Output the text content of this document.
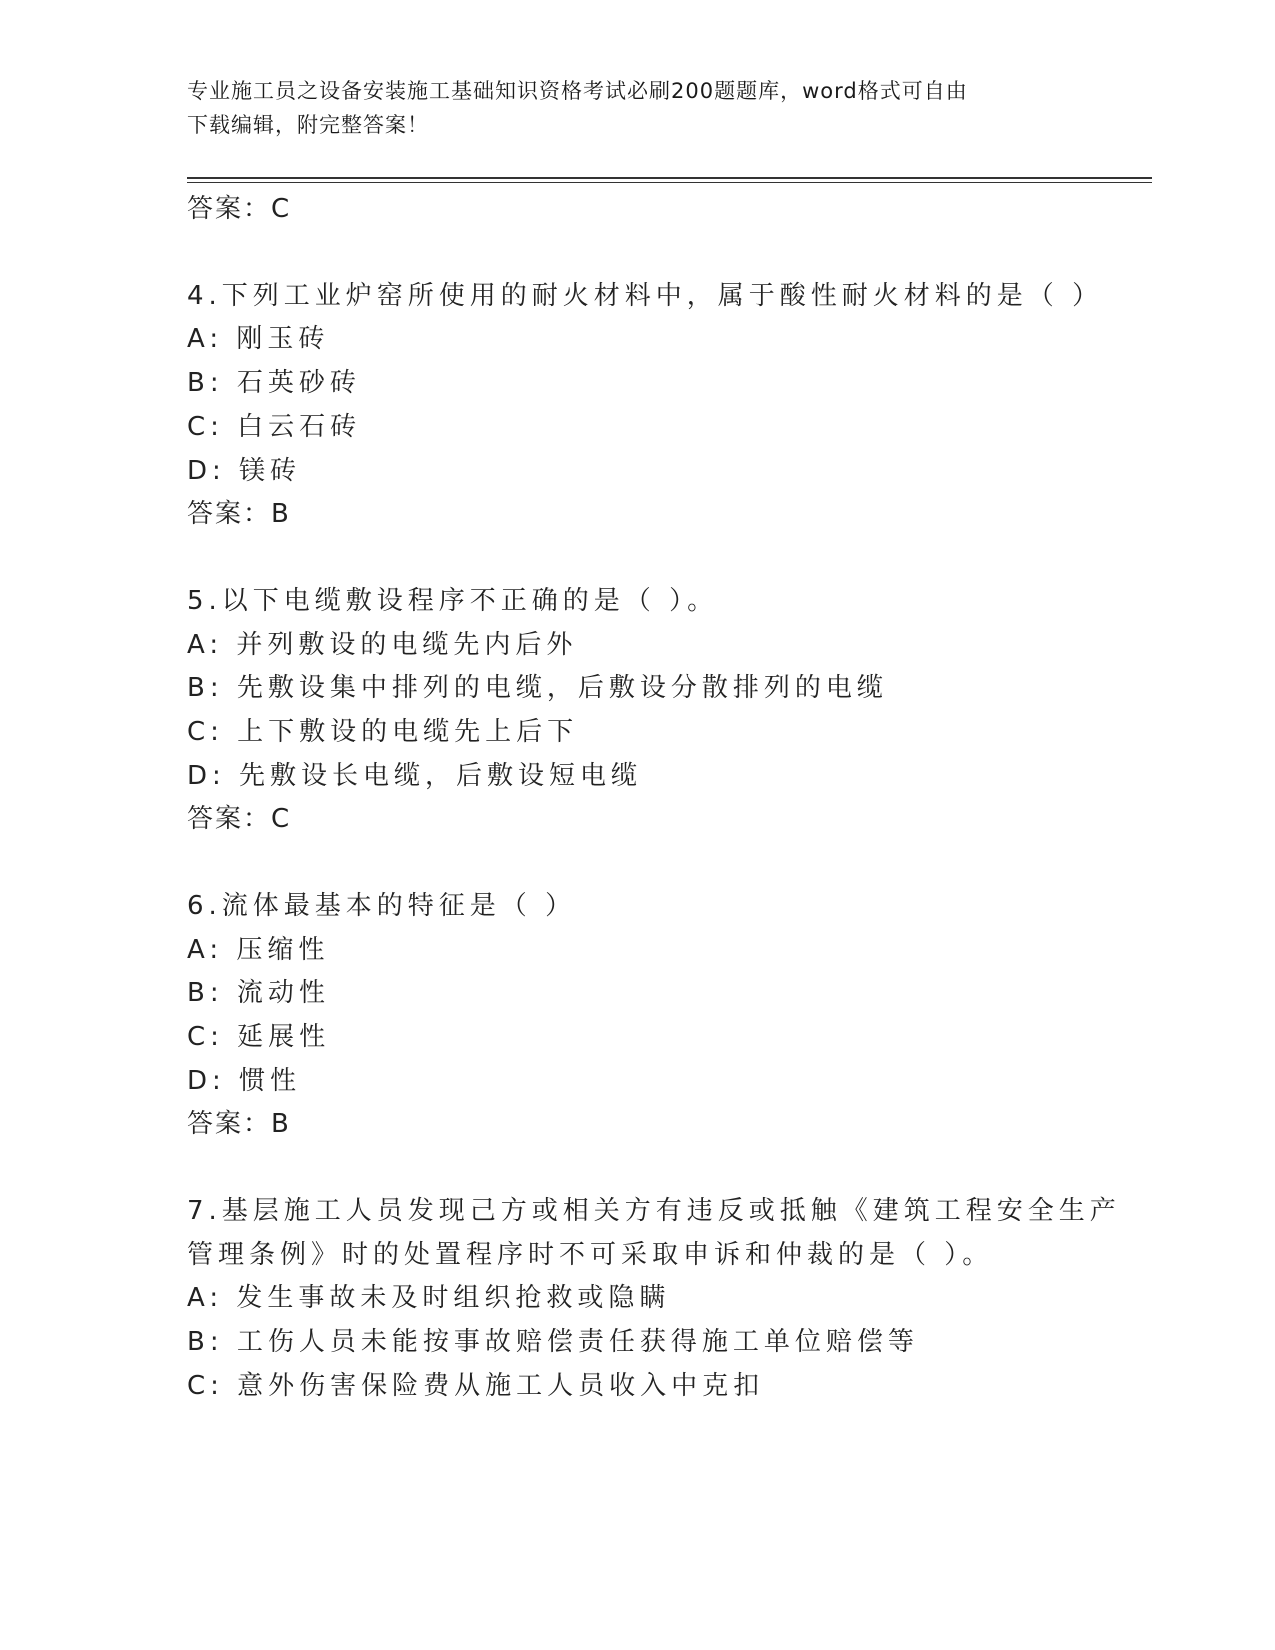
专业施工员之设备安装施工基础知识资格考试必刷200题题库，word格式可自由
下载编辑，附完整答案！
答案：C
4.下列工业炉窑所使用的耐火材料中，属于酸性耐火材料的是（ ）
A: 刚玉砖
B: 石英砂砖
C: 白云石砖
D: 镁砖
答案：B
5.以下电缆敷设程序不正确的是（ ）。
A: 并列敷设的电缆先内后外
B: 先敷设集中排列的电缆，后敷设分散排列的电缆
C: 上下敷设的电缆先上后下
D: 先敷设长电缆，后敷设短电缆
答案：C
6.流体最基本的特征是（ ）
A: 压缩性
B: 流动性
C: 延展性
D: 惯性
答案：B
7.基层施工人员发现己方或相关方有违反或抵触《建筑工程安全生产
管理条例》时的处置程序时不可采取申诉和仲裁的是（ ）。
A: 发生事故未及时组织抢救或隐瞒
B: 工伤人员未能按事故赔偿责任获得施工单位赔偿等
C: 意外伤害保险费从施工人员收入中克扣
